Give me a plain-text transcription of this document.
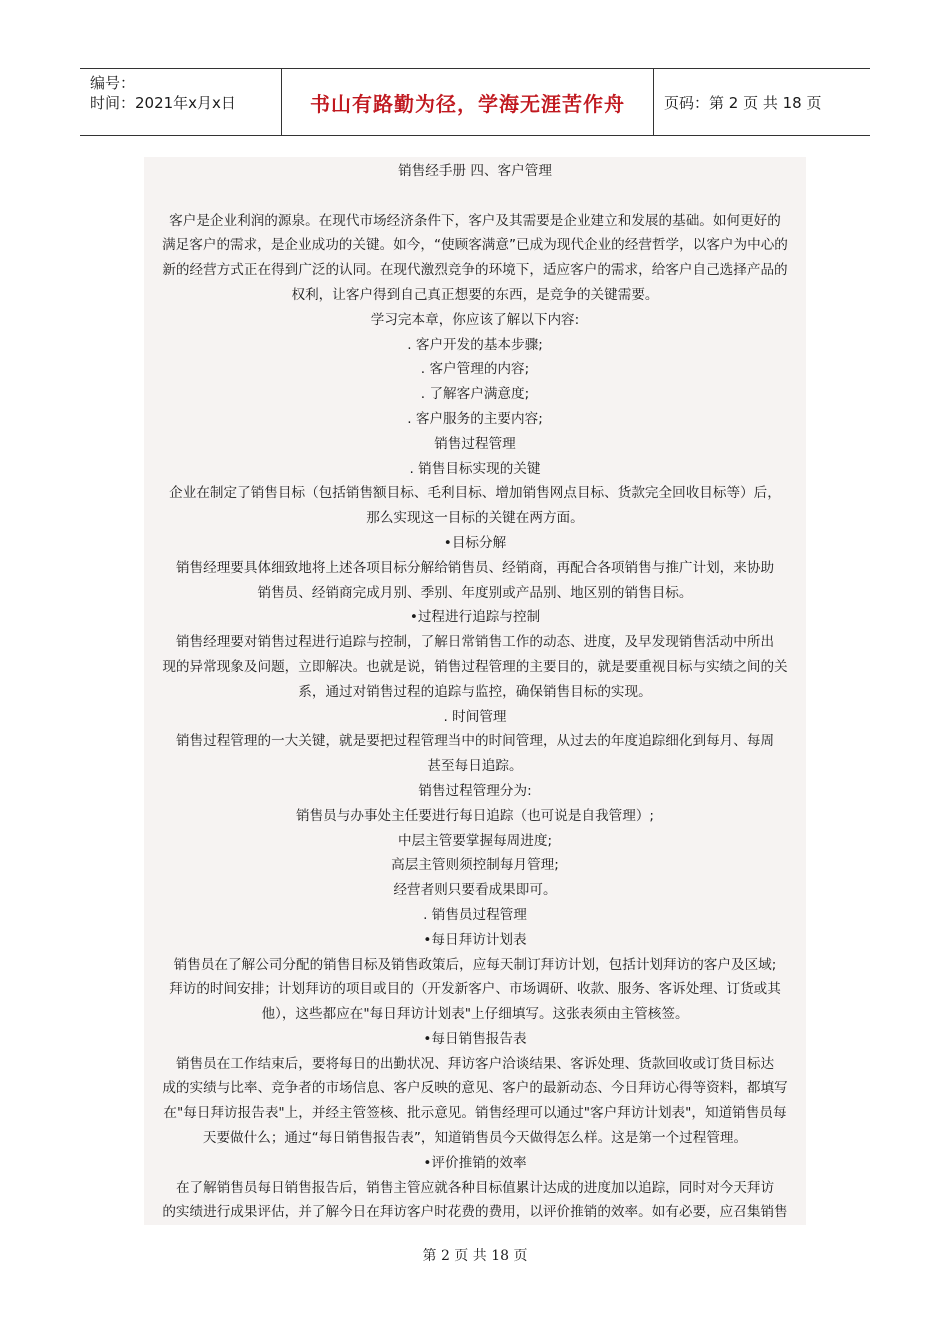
编号：
时间：2021年x月x日	书山有路勤为径，学海无涯苦作舟	页码：第 2 页 共 18 页
销售经手册 四、客户管理

客户是企业利润的源泉。在现代市场经济条件下，客户及其需要是企业建立和发展的基础。如何更好的
满足客户的需求，是企业成功的关键。如今，“使顾客满意”已成为现代企业的经营哲学，以客户为中心的
新的经营方式正在得到广泛的认同。在现代激烈竞争的环境下，适应客户的需求，给客户自己选择产品的
权利，让客户得到自己真正想要的东西，是竞争的关键需要。
学习完本章，你应该了解以下内容:
. 客户开发的基本步骤;
. 客户管理的内容;
. 了解客户满意度;
. 客户服务的主要内容;
销售过程管理
. 销售目标实现的关键
企业在制定了销售目标（包括销售额目标、毛利目标、增加销售网点目标、货款完全回收目标等）后，
那么实现这一目标的关键在两方面。
•目标分解
销售经理要具体细致地将上述各项目标分解给销售员、经销商，再配合各项销售与推广计划，来协助
销售员、经销商完成月别、季别、年度别或产品别、地区别的销售目标。
•过程进行追踪与控制
销售经理要对销售过程进行追踪与控制，了解日常销售工作的动态、进度，及早发现销售活动中所出
现的异常现象及问题，立即解决。也就是说，销售过程管理的主要目的，就是要重视目标与实绩之间的关
系，通过对销售过程的追踪与监控，确保销售目标的实现。
. 时间管理
销售过程管理的一大关键，就是要把过程管理当中的时间管理，从过去的年度追踪细化到每月、每周
甚至每日追踪。
销售过程管理分为:
销售员与办事处主任要进行每日追踪（也可说是自我管理）;
中层主管要掌握每周进度;
高层主管则须控制每月管理;
经营者则只要看成果即可。
. 销售员过程管理
•每日拜访计划表
销售员在了解公司分配的销售目标及销售政策后，应每天制订拜访计划，包括计划拜访的客户及区域;
拜访的时间安排；计划拜访的项目或目的（开发新客户、市场调研、收款、服务、客诉处理、订货或其
他），这些都应在"每日拜访计划表"上仔细填写。这张表须由主管核签。
•每日销售报告表
销售员在工作结束后，要将每日的出勤状况、拜访客户洽谈结果、客诉处理、货款回收或订货目标达
成的实绩与比率、竞争者的市场信息、客户反映的意见、客户的最新动态、今日拜访心得等资料，都填写
在"每日拜访报告表"上，并经主管签核、批示意见。销售经理可以通过"客户拜访计划表"，知道销售员每
天要做什么；通过“每日销售报告表”，知道销售员今天做得怎么样。这是第一个过程管理。
•评价推销的效率
在了解销售员每日销售报告后，销售主管应就各种目标值累计达成的进度加以追踪，同时对今天拜访
的实绩进行成果评估，并了解今日在拜访客户时花费的费用，以评价推销的效率。如有必要，应召集销售
第 2 页 共 18 页
